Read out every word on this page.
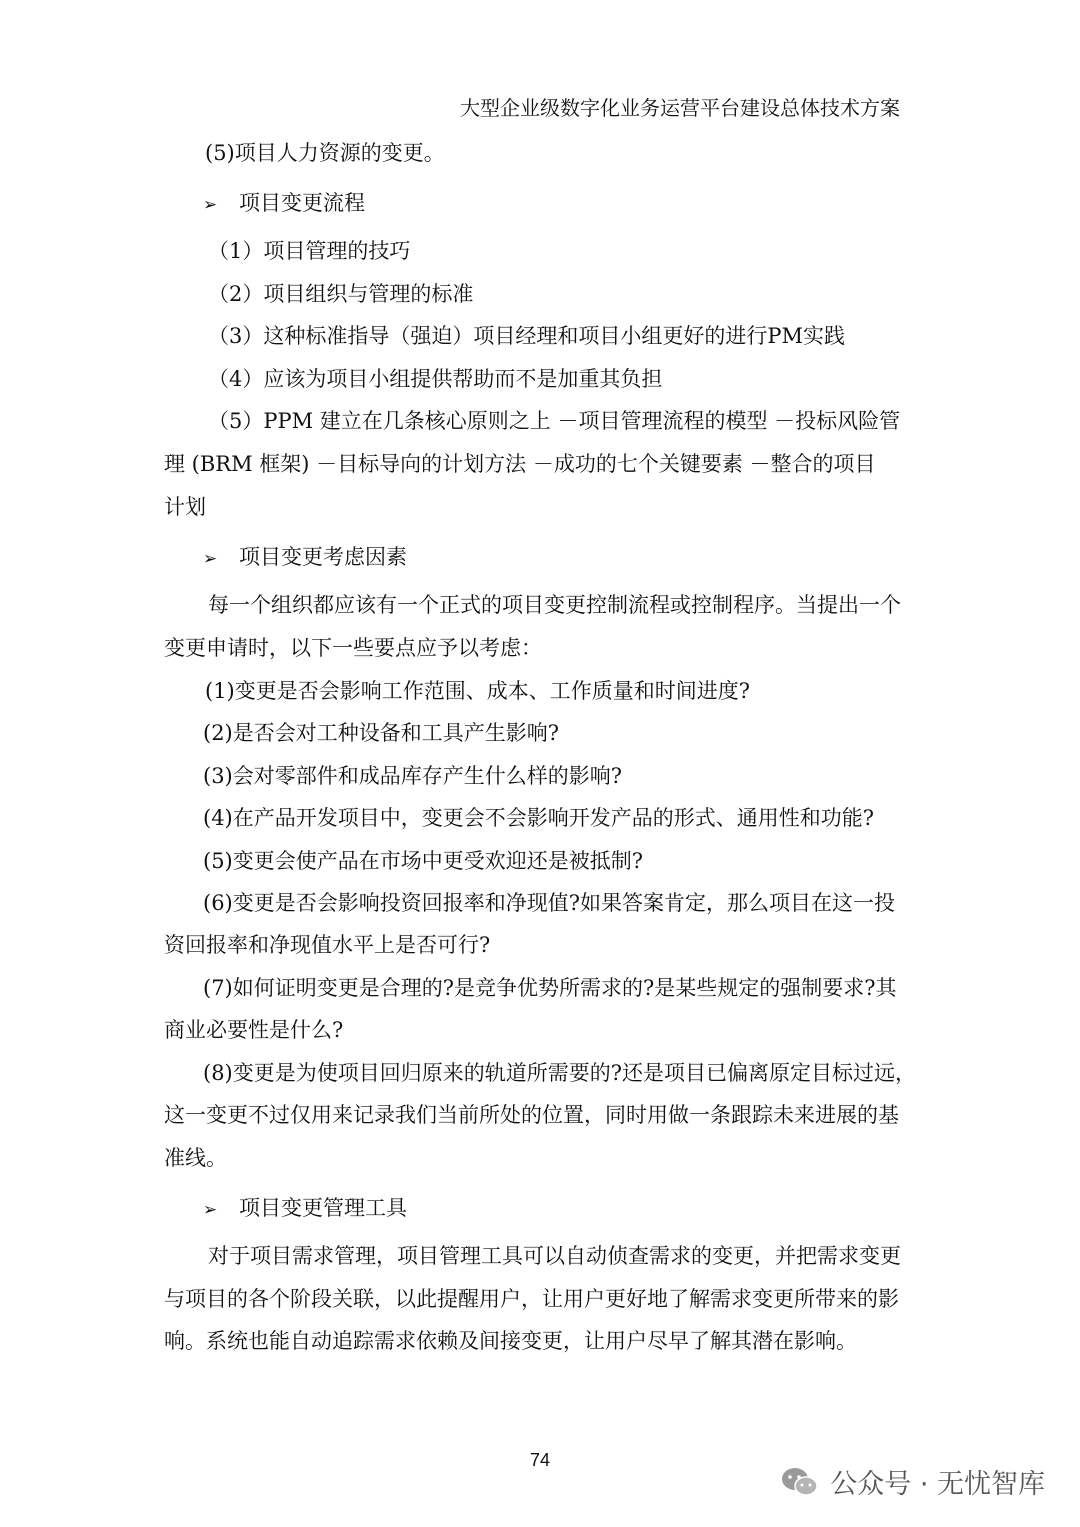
大型企业级数字化业务运营平台建设总体技术方案
(5)项目人力资源的变更。
➢ 项目变更流程
（1）项目管理的技巧
（2）项目组织与管理的标准
（3）这种标准指导（强迫）项目经理和项目小组更好的进行PM实践
（4）应该为项目小组提供帮助而不是加重其负担
（5）PPM 建立在几条核心原则之上 －项目管理流程的模型 －投标风险管
理 (BRM 框架) －目标导向的计划方法 －成功的七个关键要素 －整合的项目
计划
➢ 项目变更考虑因素
每一个组织都应该有一个正式的项目变更控制流程或控制程序。当提出一个
变更申请时，以下一些要点应予以考虑：
(1)变更是否会影响工作范围、成本、工作质量和时间进度?
(2)是否会对工种设备和工具产生影响?
(3)会对零部件和成品库存产生什么样的影响?
(4)在产品开发项目中，变更会不会影响开发产品的形式、通用性和功能?
(5)变更会使产品在市场中更受欢迎还是被抵制?
(6)变更是否会影响投资回报率和净现值?如果答案肯定，那么项目在这一投
资回报率和净现值水平上是否可行?
(7)如何证明变更是合理的?是竞争优势所需求的?是某些规定的强制要求?其
商业必要性是什么?
(8)变更是为使项目回归原来的轨道所需要的?还是项目已偏离原定目标过远，
这一变更不过仅用来记录我们当前所处的位置，同时用做一条跟踪未来进展的基
准线。
➢ 项目变更管理工具
对于项目需求管理，项目管理工具可以自动侦查需求的变更，并把需求变更
与项目的各个阶段关联，以此提醒用户，让用户更好地了解需求变更所带来的影
响。系统也能自动追踪需求依赖及间接变更，让用户尽早了解其潜在影响。
74
公众号 · 无忧智库
